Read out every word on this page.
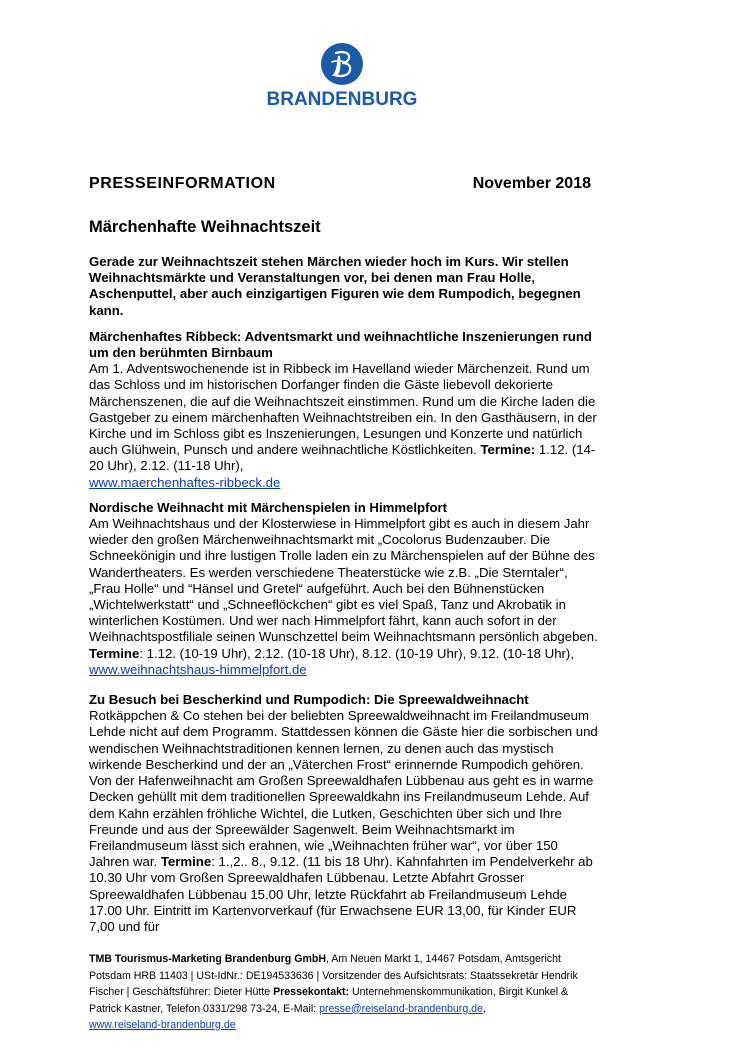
BRANDENBURG
PRESSEINFORMATION	November 2018
Märchenhafte Weihnachtszeit

Gerade zur Weihnachtszeit stehen Märchen wieder hoch im Kurs. Wir stellen Weihnachtsmärkte und Veranstaltungen vor, bei denen man Frau Holle, Aschenputtel, aber auch einzigartigen Figuren wie dem Rumpodich, begegnen kann.

Märchenhaftes Ribbeck: Adventsmarkt und weihnachtliche Inszenierungen rund um den berühmten Birnbaum

Am 1. Adventswochenende ist in Ribbeck im Havelland wieder Märchenzeit. Rund um das Schloss und im historischen Dorfanger finden die Gäste liebevoll dekorierte Märchenszenen, die auf die Weihnachtszeit einstimmen. Rund um die Kirche laden die Gastgeber zu einem märchenhaften Weihnachtstreiben ein. In den Gasthäusern, in der Kirche und im Schloss gibt es Inszenierungen, Lesungen und Konzerte und natürlich auch Glühwein, Punsch und andere weihnachtliche Köstlichkeiten. Termine: 1.12. (14-20 Uhr), 2.12. (11-18 Uhr),
www.maerchenhaftes-ribbeck.de

Nordische Weihnacht mit Märchenspielen in Himmelpfort

Am Weihnachtshaus und der Klosterwiese in Himmelpfort gibt es auch in diesem Jahr wieder den großen Märchenweihnachtsmarkt mit „Cocolorus Budenzauber. Die Schneekönigin und ihre lustigen Trolle laden ein zu Märchenspielen auf der Bühne des Wandertheaters. Es werden verschiedene Theaterstücke wie z.B. „Die Sterntaler“, „Frau Holle“ und “Hänsel und Gretel“ aufgeführt. Auch bei den Bühnenstücken „Wichtelwerkstatt“ und „Schneeflöckchen“ gibt es viel Spaß, Tanz und Akrobatik in winterlichen Kostümen. Und wer nach Himmelpfort fährt, kann auch sofort in der Weihnachtspostfiliale seinen Wunschzettel beim Weihnachtsmann persönlich abgeben. Termine: 1.12. (10-19 Uhr), 2.12. (10-18 Uhr), 8.12. (10-19 Uhr), 9.12. (10-18 Uhr), www.weihnachtshaus-himmelpfort.de

Zu Besuch bei Bescherkind und Rumpodich: Die Spreewaldweihnacht

Rotkäppchen & Co stehen bei der beliebten Spreewaldweihnacht im Freilandmuseum Lehde nicht auf dem Programm. Stattdessen können die Gäste hier die sorbischen und wendischen Weihnachtstraditionen kennen lernen, zu denen auch das mystisch wirkende Bescherkind und der an „Väterchen Frost“ erinnernde Rumpodich gehören. Von der Hafenweihnacht am Großen Spreewaldhafen Lübbenau aus geht es in warme Decken gehüllt mit dem traditionellen Spreewaldkahn ins Freilandmuseum Lehde. Auf dem Kahn erzählen fröhliche Wichtel, die Lutken, Geschichten über sich und Ihre Freunde und aus der Spreewälder Sagenwelt. Beim Weihnachtsmarkt im Freilandmuseum lässt sich erahnen, wie „Weihnachten früher war“, vor über 150 Jahren war. Termine: 1.,2.. 8., 9.12. (11 bis 18 Uhr). Kahnfahrten im Pendelverkehr ab 10.30 Uhr vom Großen Spreewaldhafen Lübbenau. Letzte Abfahrt Grosser Spreewaldhafen Lübbenau 15.00 Uhr, letzte Rückfahrt ab Freilandmuseum Lehde 17.00 Uhr. Eintritt im Kartenvorverkauf (für Erwachsene EUR 13,00, für Kinder EUR 7,00 und für

TMB Tourismus-Marketing Brandenburg GmbH, Am Neuen Markt 1, 14467 Potsdam, Amtsgericht Potsdam HRB 11403 | USt-IdNr.: DE194533636 | Vorsitzender des Aufsichtsrats: Staatssekretär Hendrik Fischer | Geschäftsführer: Dieter Hütte Pressekontakt: Unternehmenskommunikation, Birgit Kunkel & Patrick Kastner, Telefon 0331/298 73-24, E-Mail: presse@reiseland-brandenburg.de,
www.reiseland-brandenburg.de
